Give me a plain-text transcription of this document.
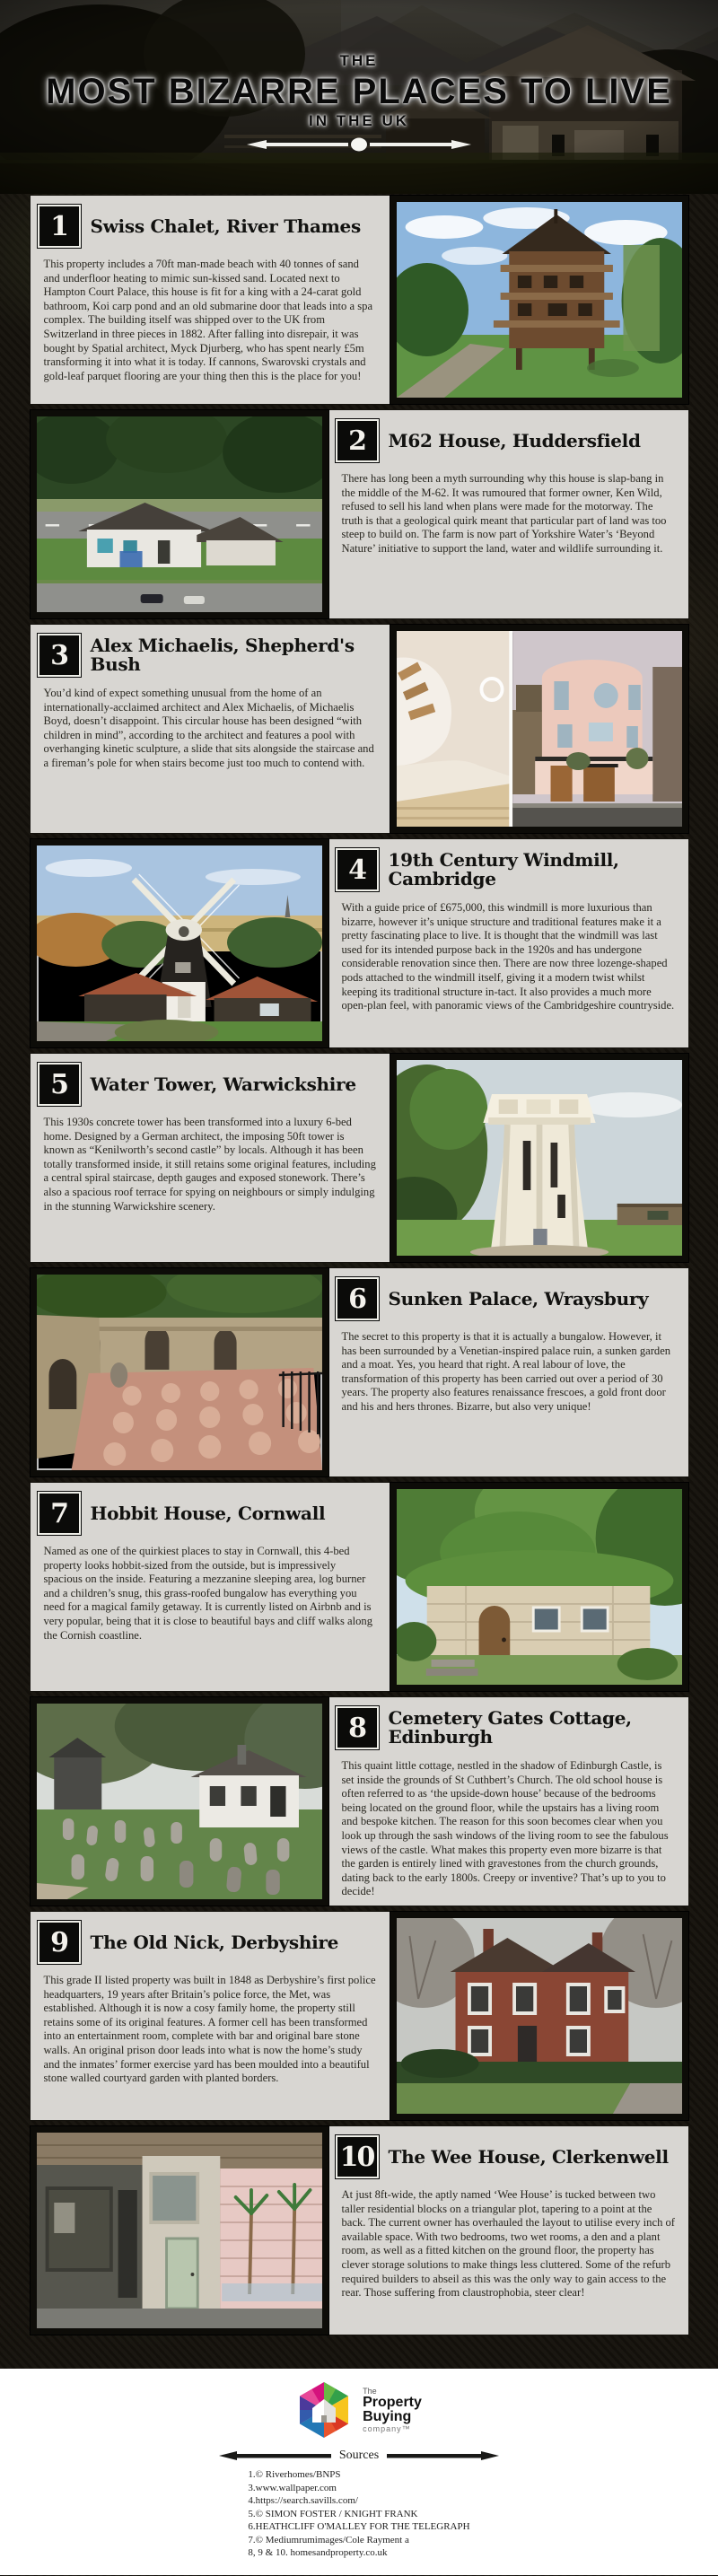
THE
MOST BIZARRE PLACES TO LIVE
IN THE UK
1	Swiss Chalet, River Thames

This property includes a 70ft man-made beach with 40 tonnes of sand and underfloor heating to mimic sun-kissed sand. Located next to Hampton Court Palace, this house is fit for a king with a 24-carat gold bathroom, Koi carp pond and an old submarine door that leads into a spa complex. The building itself was shipped over to the UK from Switzerland in three pieces in 1882. After falling into disrepair, it was bought by Spatial architect, Myck Djurberg, who has spent nearly £5m transforming it into what it is today. If cannons, Swarovski crystals and gold-leaf parquet flooring are your thing then this is the place for you!

2	M62 House, Huddersfield

There has long been a myth surrounding why this house is slap-bang in the middle of the M-62. It was rumoured that former owner, Ken Wild, refused to sell his land when plans were made for the motorway. The truth is that a geological quirk meant that particular part of land was too steep to build on. The farm is now part of Yorkshire Water’s ‘Beyond Nature’ initiative to support the land, water and wildlife surrounding it.

3	Alex Michaelis, Shepherd's Bush

You’d kind of expect something unusual from the home of an internationally-acclaimed architect and Alex Michaelis, of Michaelis Boyd, doesn’t disappoint. This circular house has been designed “with children in mind”, according to the architect and features a pool with overhanging kinetic sculpture, a slide that sits alongside the staircase and a fireman’s pole for when stairs become just too much to contend with.

4	19th Century Windmill, Cambridge

With a guide price of £675,000, this windmill is more luxurious than bizarre, however it’s unique structure and traditional features make it a pretty fascinating place to live. It is thought that the windmill was last used for its intended purpose back in the 1920s and has undergone considerable renovation since then. There are now three lozenge-shaped pods attached to the windmill itself, giving it a modern twist whilst keeping its traditional structure in-tact. It also provides a much more open-plan feel, with panoramic views of the Cambridgeshire countryside.

5	Water Tower, Warwickshire

This 1930s concrete tower has been transformed into a luxury 6-bed home. Designed by a German architect, the imposing 50ft tower is known as “Kenilworth’s second castle” by locals. Although it has been totally transformed inside, it still retains some original features, including a central spiral staircase, depth gauges and exposed stonework. There’s also a spacious roof terrace for spying on neighbours or simply indulging in the stunning Warwickshire scenery.

6	Sunken Palace, Wraysbury

The secret to this property is that it is actually a bungalow. However, it has been surrounded by a Venetian-inspired palace ruin, a sunken garden and a moat. Yes, you heard that right. A real labour of love, the transformation of this property has been carried out over a period of 30 years. The property also features renaissance frescoes, a gold front door and his and hers thrones. Bizarre, but also very unique!

7	Hobbit House, Cornwall

Named as one of the quirkiest places to stay in Cornwall, this 4-bed property looks hobbit-sized from the outside, but is impressively spacious on the inside. Featuring a mezzanine sleeping area, log burner and a children’s snug, this grass-roofed bungalow has everything you need for a magical family getaway. It is currently listed on Airbnb and is very popular, being that it is close to beautiful bays and cliff walks along the Cornish coastline.

8	Cemetery Gates Cottage, Edinburgh

This quaint little cottage, nestled in the shadow of Edinburgh Castle, is set inside the grounds of St Cuthbert’s Church. The old school house is often referred to as ‘the upside-down house’ because of the bedrooms being located on the ground floor, while the upstairs has a living room and bespoke kitchen. The reason for this soon becomes clear when you look up through the sash windows of the living room to see the fabulous views of the castle. What makes this property even more bizarre is that the garden is entirely lined with gravestones from the church grounds, dating back to the early 1800s. Creepy or inventive? That’s up to you to decide!

9	The Old Nick, Derbyshire

This grade II listed property was built in 1848 as Derbyshire’s first police headquarters, 19 years after Britain’s police force, the Met, was established. Although it is now a cosy family home, the property still retains some of its original features. A former cell has been transformed into an entertainment room, complete with bar and original bare stone walls. An original prison door leads into what is now the home’s study and the inmates’ former exercise yard has been moulded into a beautiful stone walled courtyard garden with planted borders.

10 The Wee House, Clerkenwell

At just 8ft-wide, the aptly named ‘Wee House’ is tucked between two taller residential blocks on a triangular plot, tapering to a point at the back. The current owner has overhauled the layout to utilise every inch of available space. With two bedrooms, two wet rooms, a den and a plant room, as well as a fitted kitchen on the ground floor, the property has clever storage solutions to make things less cluttered. Some of the refurb required builders to abseil as this was the only way to gain access to the rear. Those suffering from claustrophobia, steer clear!

The
Property
Buying
company™
Sources
1.© Riverhomes/BNPS
3.www.wallpaper.com
4.https://search.savills.com/
5.© SIMON FOSTER / KNIGHT FRANK
6.HEATHCLIFF O'MALLEY FOR THE TELEGRAPH
7.© Mediumrumimages/Cole Rayment a
8, 9 & 10. homesandproperty.co.uk
